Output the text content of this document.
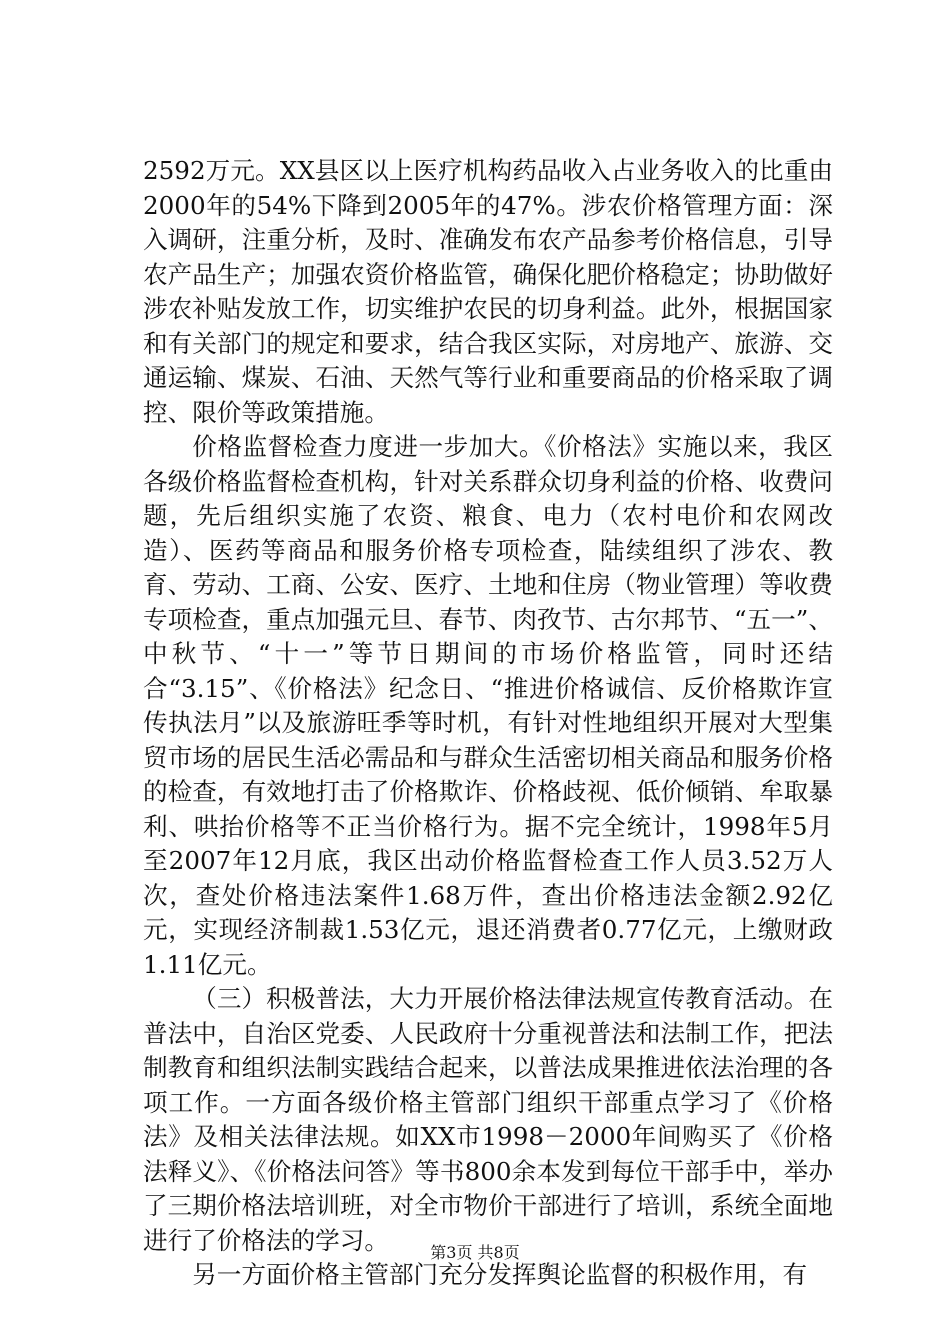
2592万元。XX县区以上医疗机构药品收入占业务收入的比重由2000年的54%下降到2005年的47%。涉农价格管理方面：深入调研，注重分析，及时、准确发布农产品参考价格信息，引导农产品生产；加强农资价格监管，确保化肥价格稳定；协助做好涉农补贴发放工作，切实维护农民的切身利益。此外，根据国家和有关部门的规定和要求，结合我区实际，对房地产、旅游、交通运输、煤炭、石油、天然气等行业和重要商品的价格采取了调控、限价等政策措施。

价格监督检查力度进一步加大。《价格法》实施以来，我区各级价格监督检查机构，针对关系群众切身利益的价格、收费问题，先后组织实施了农资、粮食、电力（农村电价和农网改造）、医药等商品和服务价格专项检查，陆续组织了涉农、教育、劳动、工商、公安、医疗、土地和住房（物业管理）等收费专项检查，重点加强元旦、春节、肉孜节、古尔邦节、“五一”、中秋节、“十一”等节日期间的市场价格监管，同时还结合“3.15”、《价格法》纪念日、“推进价格诚信、反价格欺诈宣传执法月”以及旅游旺季等时机，有针对性地组织开展对大型集贸市场的居民生活必需品和与群众生活密切相关商品和服务价格的检查，有效地打击了价格欺诈、价格歧视、低价倾销、牟取暴利、哄抬价格等不正当价格行为。据不完全统计，1998年5月至2007年12月底，我区出动价格监督检查工作人员3.52万人次，查处价格违法案件1.68万件，查出价格违法金额2.92亿元，实现经济制裁1.53亿元，退还消费者0.77亿元，上缴财政1.11亿元。

（三）积极普法，大力开展价格法律法规宣传教育活动。在普法中，自治区党委、人民政府十分重视普法和法制工作，把法制教育和组织法制实践结合起来，以普法成果推进依法治理的各项工作。一方面各级价格主管部门组织干部重点学习了《价格法》及相关法律法规。如XX市1998－2000年间购买了《价格法释义》、《价格法问答》等书800余本发到每位干部手中，举办了三期价格法培训班，对全市物价干部进行了培训，系统全面地进行了价格法的学习。

另一方面价格主管部门充分发挥舆论监督的积极作用，有

第3页 共8页
